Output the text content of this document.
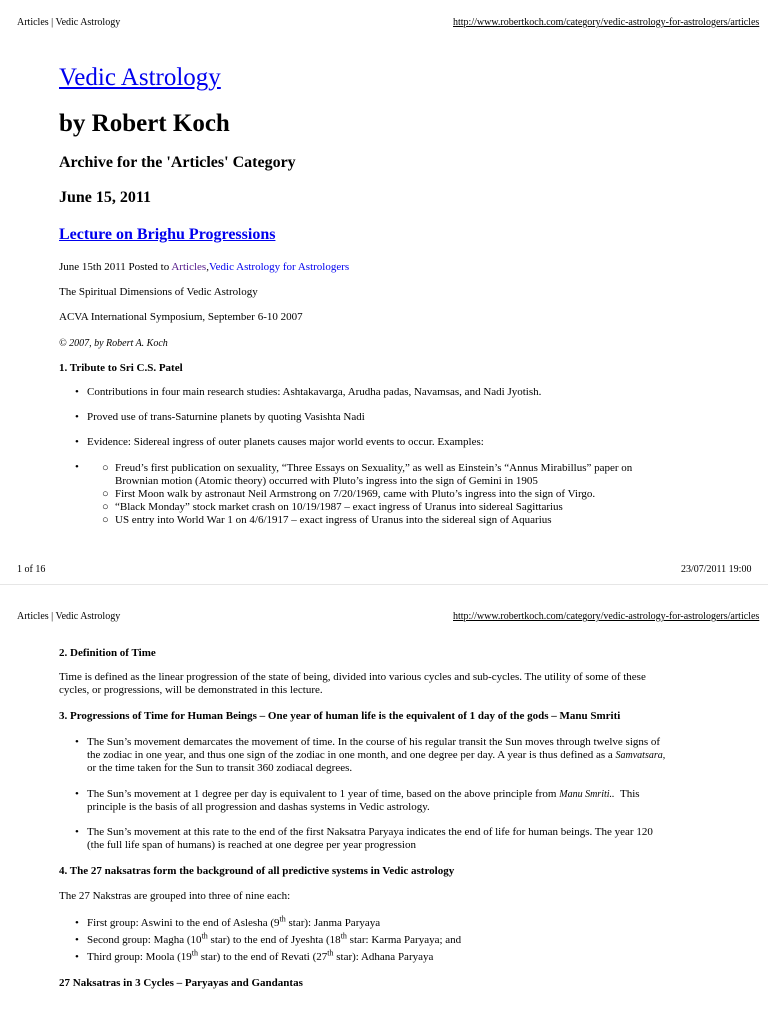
Articles | Vedic Astrology	http://www.robertkoch.com/category/vedic-astrology-for-astrologers/articles
Vedic Astrology
by Robert Koch
Archive for the 'Articles' Category
June 15, 2011
Lecture on Brighu Progressions
June 15th 2011 Posted to Articles,Vedic Astrology for Astrologers
The Spiritual Dimensions of Vedic Astrology
ACVA International Symposium, September 6-10 2007
© 2007, by Robert A. Koch
1. Tribute to Sri C.S. Patel
• Contributions in four main research studies: Ashtakavarga, Arudha padas, Navamsas, and Nadi Jyotish.
• Proved use of trans-Saturnine planets by quoting Vasishta Nadi
• Evidence: Sidereal ingress of outer planets causes major world events to occur. Examples:
• ○ Freud’s first publication on sexuality, “Three Essays on Sexuality,” as well as Einstein’s “Annus Mirabillus” paper on
Brownian motion (Atomic theory) occurred with Pluto’s ingress into the sign of Gemini in 1905
○ First Moon walk by astronaut Neil Armstrong on 7/20/1969, came with Pluto’s ingress into the sign of Virgo.
○ “Black Monday” stock market crash on 10/19/1987 – exact ingress of Uranus into sidereal Sagittarius
○ US entry into World War 1 on 4/6/1917 – exact ingress of Uranus into the sidereal sign of Aquarius
1 of 16	23/07/2011 19:00
Articles | Vedic Astrology	http://www.robertkoch.com/category/vedic-astrology-for-astrologers/articles
2. Definition of Time
Time is defined as the linear progression of the state of being, divided into various cycles and sub-cycles. The utility of some of these
cycles, or progressions, will be demonstrated in this lecture.
3. Progressions of Time for Human Beings – One year of human life is the equivalent of 1 day of the gods – Manu Smriti
• The Sun’s movement demarcates the movement of time. In the course of his regular transit the Sun moves through twelve signs of
the zodiac in one year, and thus one sign of the zodiac in one month, and one degree per day. A year is thus defined as a Samvatsara,
or the time taken for the Sun to transit 360 zodiacal degrees.
• The Sun’s movement at 1 degree per day is equivalent to 1 year of time, based on the above principle from Manu Smriti.. This
principle is the basis of all progression and dashas systems in Vedic astrology.
• The Sun’s movement at this rate to the end of the first Naksatra Paryaya indicates the end of life for human beings. The year 120
(the full life span of humans) is reached at one degree per year progression
4. The 27 naksatras form the background of all predictive systems in Vedic astrology
The 27 Nakstras are grouped into three of nine each:
• First group: Aswini to the end of Aslesha (9th star): Janma Paryaya
• Second group: Magha (10th star) to the end of Jyeshta (18th star: Karma Paryaya; and
• Third group: Moola (19th star) to the end of Revati (27th star): Adhana Paryaya
27 Naksatras in 3 Cycles – Paryayas and Gandantas
